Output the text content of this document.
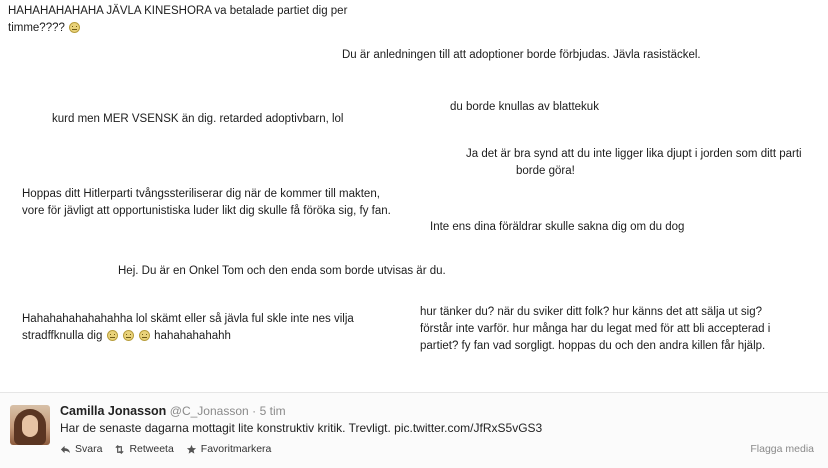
HAHAHAHAHAHA JÄVLA KINESHORA va betalade partiet dig per
timme????
Du är anledningen till att adoptioner borde förbjudas. Jävla rasistäckel.
du borde knullas av blattekuk
kurd men MER VSENSK än dig. retarded adoptivbarn, lol
Ja det är bra synd att du inte ligger lika djupt i jorden som ditt parti
borde göra!
Hoppas ditt Hitlerparti tvångssteriliserar dig när de kommer till makten,
vore för jävligt att opportunistiska luder likt dig skulle få föröka sig, fy fan.
Inte ens dina föräldrar skulle sakna dig om du dog
Hej. Du är en Onkel Tom och den enda som borde utvisas är du.
Hahahahahahahahha lol skämt eller så jävla ful skle inte nes vilja
stradffknulla dig	hahahahahahh
hur tänker du? när du sviker ditt folk? hur känns det att sälja ut sig?
förstår inte varför. hur många har du legat med för att bli accepterad i
partiet? fy fan vad sorgligt. hoppas du och den andra killen får hjälp.
Camilla Jonasson @C_Jonasson · 5 tim
Har de senaste dagarna mottagit lite konstruktiv kritik. Trevligt. pic.twitter.com/JfRxS5vGS3
Svara	Retweeta	Favoritmarkera	Flagga media
